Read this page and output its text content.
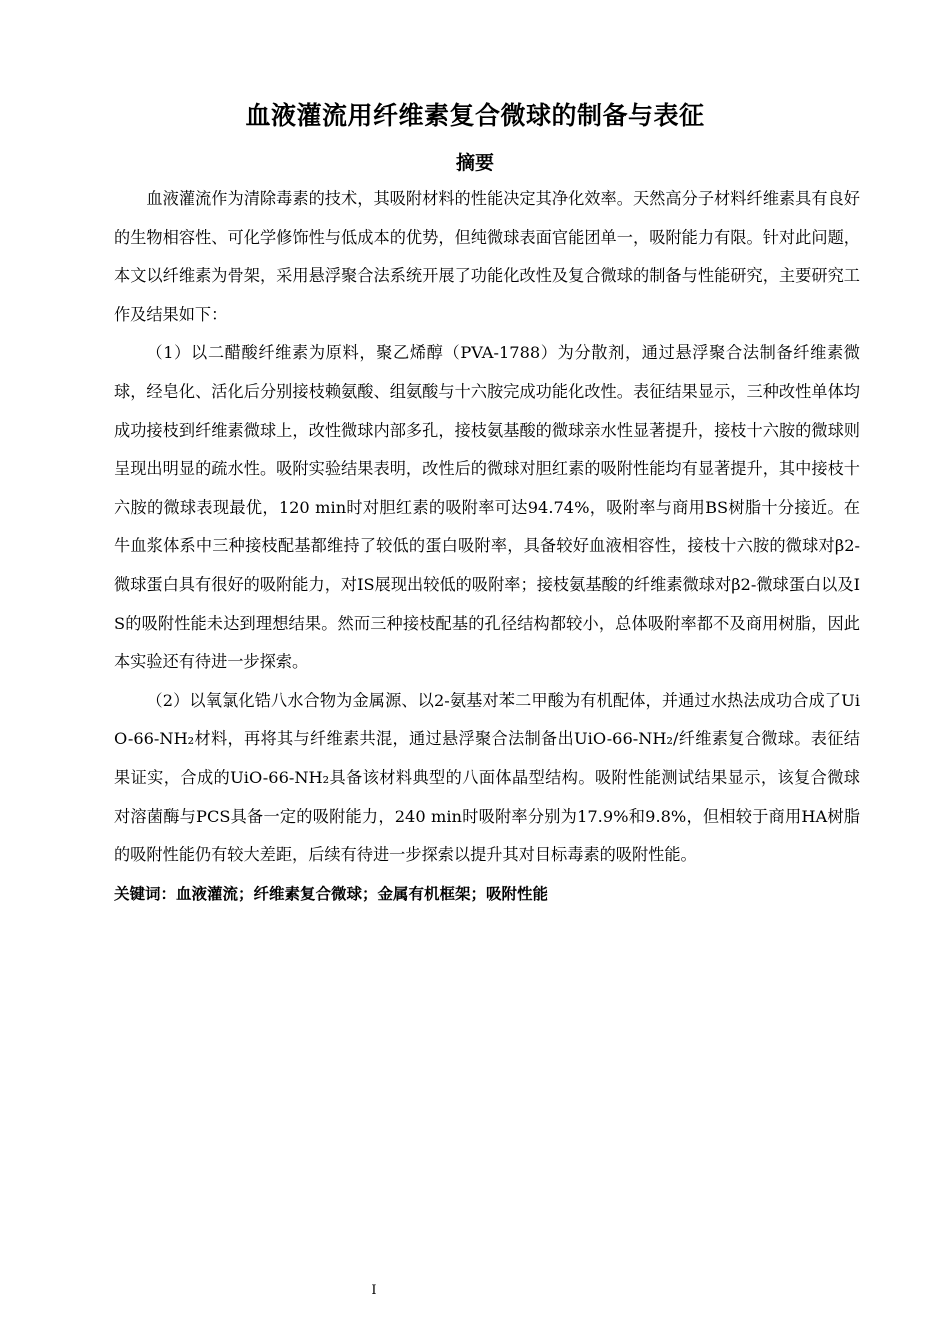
血液灌流用纤维素复合微球的制备与表征
摘要

血液灌流作为清除毒素的技术，其吸附材料的性能决定其净化效率。天然高分子材料纤维素具有良好的生物相容性、可化学修饰性与低成本的优势，但纯微球表面官能团单一，吸附能力有限。针对此问题，本文以纤维素为骨架，采用悬浮聚合法系统开展了功能化改性及复合微球的制备与性能研究，主要研究工作及结果如下：

（1）以二醋酸纤维素为原料，聚乙烯醇（PVA-1788）为分散剂，通过悬浮聚合法制备纤维素微球，经皂化、活化后分别接枝赖氨酸、组氨酸与十六胺完成功能化改性。表征结果显示，三种改性单体均成功接枝到纤维素微球上，改性微球内部多孔，接枝氨基酸的微球亲水性显著提升，接枝十六胺的微球则呈现出明显的疏水性。吸附实验结果表明，改性后的微球对胆红素的吸附性能均有显著提升，其中接枝十六胺的微球表现最优，120 min时对胆红素的吸附率可达94.74%，吸附率与商用BS树脂十分接近。在牛血浆体系中三种接枝配基都维持了较低的蛋白吸附率，具备较好血液相容性，接枝十六胺的微球对β2-微球蛋白具有很好的吸附能力，对IS展现出较低的吸附率；接枝氨基酸的纤维素微球对β2-微球蛋白以及IS的吸附性能未达到理想结果。然而三种接枝配基的孔径结构都较小，总体吸附率都不及商用树脂，因此本实验还有待进一步探索。

（2）以氧氯化锆八水合物为金属源、以2-氨基对苯二甲酸为有机配体，并通过水热法成功合成了UiO-66-NH₂材料，再将其与纤维素共混，通过悬浮聚合法制备出UiO-66-NH₂/纤维素复合微球。表征结果证实，合成的UiO-66-NH₂具备该材料典型的八面体晶型结构。吸附性能测试结果显示，该复合微球对溶菌酶与PCS具备一定的吸附能力，240 min时吸附率分别为17.9%和9.8%，但相较于商用HA树脂的吸附性能仍有较大差距，后续有待进一步探索以提升其对目标毒素的吸附性能。

关键词：血液灌流；纤维素复合微球；金属有机框架；吸附性能

I
